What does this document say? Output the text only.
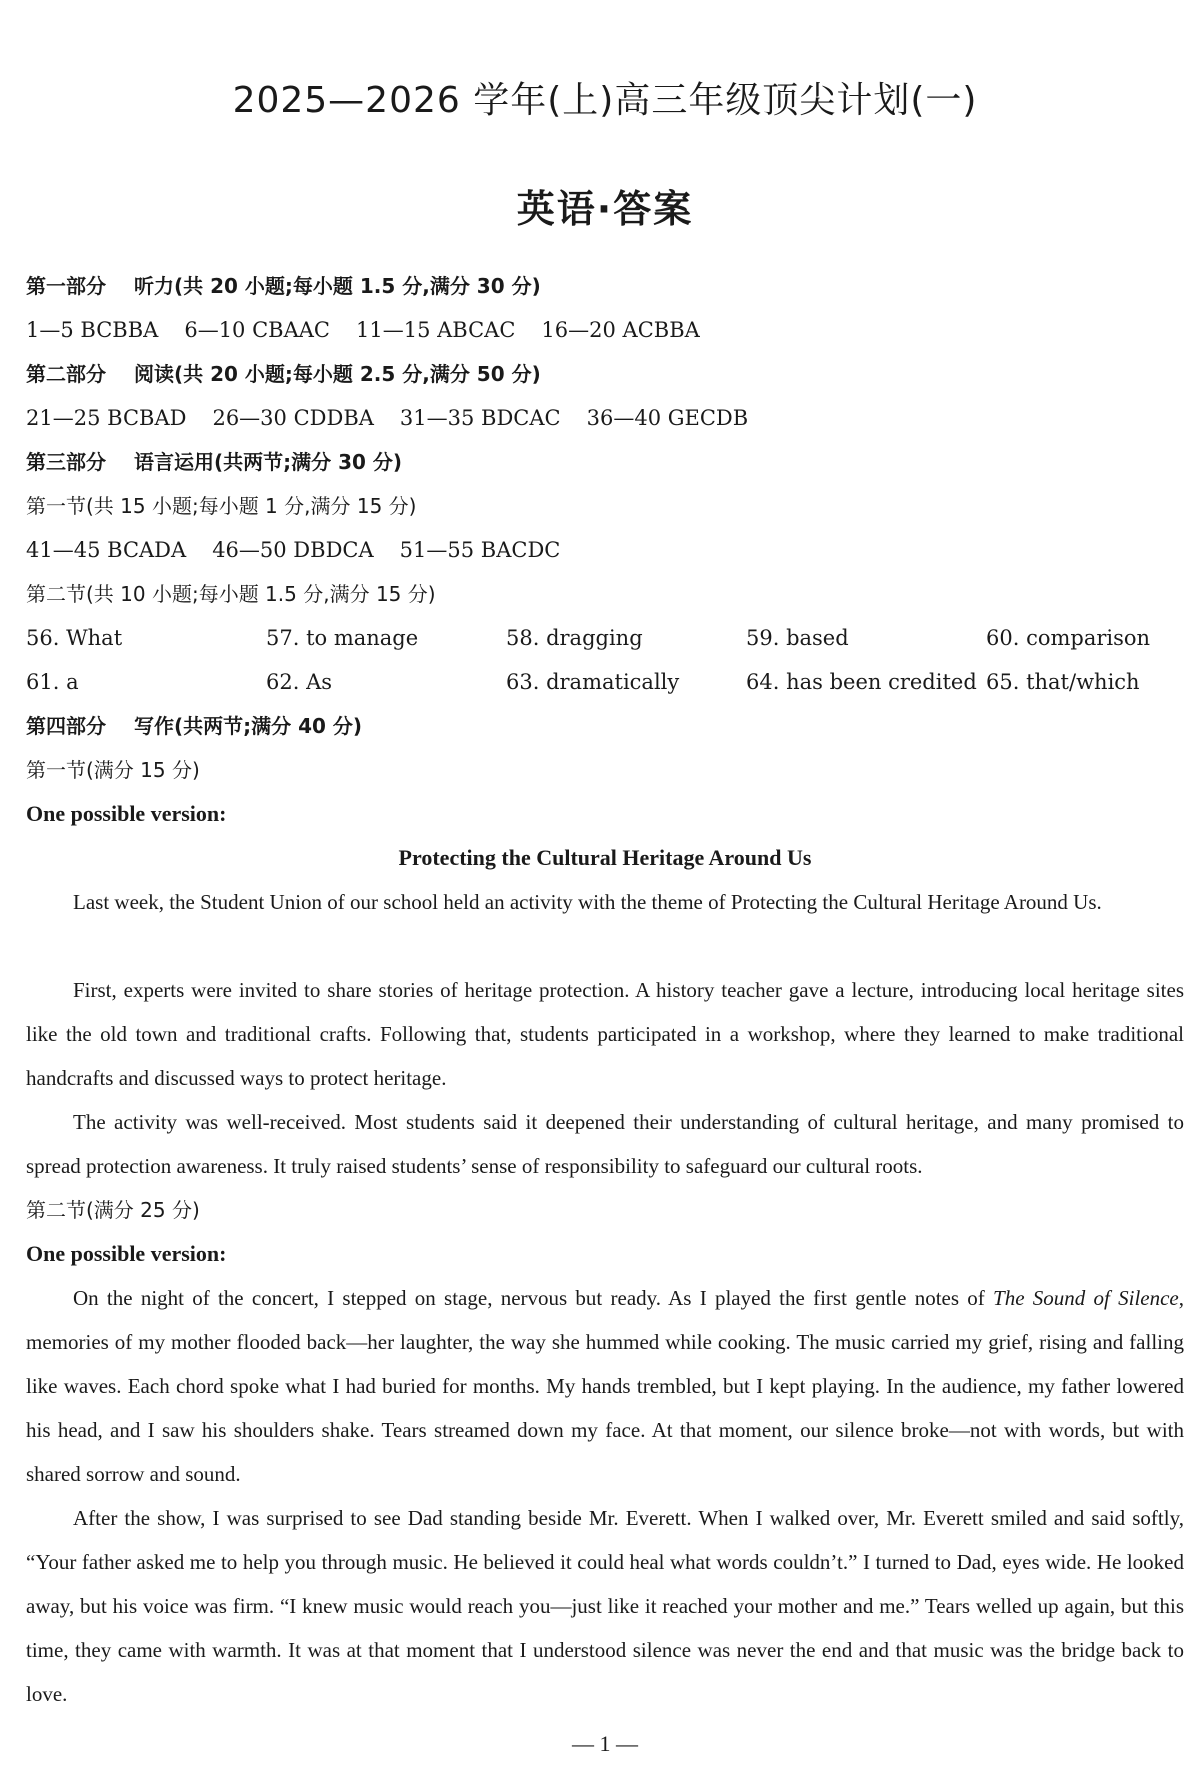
2025—2026 学年(上)高三年级顶尖计划(一)
英语·答案
第一部分 听力(共 20 小题;每小题 1.5 分,满分 30 分)
1—5 BCBBA 6—10 CBAAC 11—15 ABCAC 16—20 ACBBA
第二部分 阅读(共 20 小题;每小题 2.5 分,满分 50 分)
21—25 BCBAD 26—30 CDDBA 31—35 BDCAC 36—40 GECDB
第三部分 语言运用(共两节;满分 30 分)
第一节(共 15 小题;每小题 1 分,满分 15 分)
41—45 BCADA 46—50 DBDCA 51—55 BACDC
第二节(共 10 小题;每小题 1.5 分,满分 15 分)
56. What	57. to manage	58. dragging	59. based	60. comparison
61. a	62. As	63. dramatically	64. has been credited 65. that/which
第四部分 写作(共两节;满分 40 分)
第一节(满分 15 分)
One possible version:
Protecting the Cultural Heritage Around Us
Last week, the Student Union of our school held an activity with the theme of Protecting the Cultural Heritage Around Us.
First, experts were invited to share stories of heritage protection. A history teacher gave a lecture, introducing local heritage sites like the old town and traditional crafts. Following that, students participated in a workshop, where they learned to make traditional handcrafts and discussed ways to protect heritage.
The activity was well-received. Most students said it deepened their understanding of cultural heritage, and many promised to spread protection awareness. It truly raised students’ sense of responsibility to safeguard our cultural roots.
第二节(满分 25 分)
One possible version:
On the night of the concert, I stepped on stage, nervous but ready. As I played the first gentle notes of The Sound of Silence, memories of my mother flooded back—her laughter, the way she hummed while cooking. The music carried my grief, rising and falling like waves. Each chord spoke what I had buried for months. My hands trembled, but I kept playing. In the audience, my father lowered his head, and I saw his shoulders shake. Tears streamed down my face. At that moment, our silence broke—not with words, but with shared sorrow and sound.
After the show, I was surprised to see Dad standing beside Mr. Everett. When I walked over, Mr. Everett smiled and said softly, “Your father asked me to help you through music. He believed it could heal what words couldn’t.” I turned to Dad, eyes wide. He looked away, but his voice was firm. “I knew music would reach you—just like it reached your mother and me.” Tears welled up again, but this time, they came with warmth. It was at that moment that I understood silence was never the end and that music was the bridge back to love.
— 1 —
